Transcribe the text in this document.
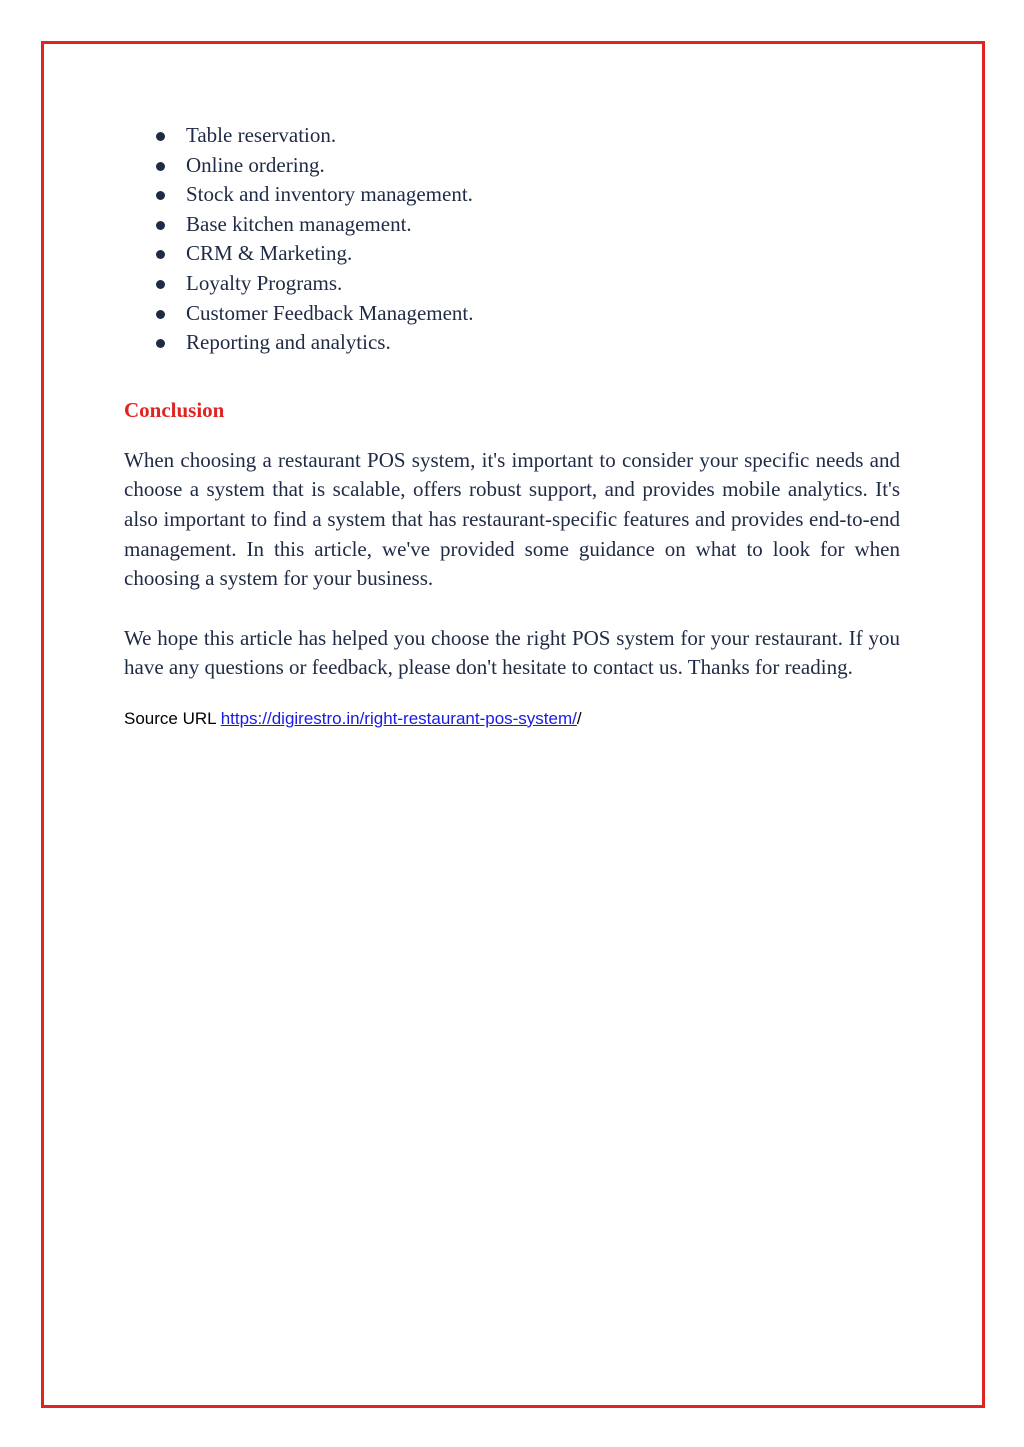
Table reservation.
Online ordering.
Stock and inventory management.
Base kitchen management.
CRM & Marketing.
Loyalty Programs.
Customer Feedback Management.
Reporting and analytics.
Conclusion

When choosing a restaurant POS system, it's important to consider your specific needs and choose a system that is scalable, offers robust support, and provides mobile analytics. It's also important to find a system that has restaurant-specific features and provides end-to-end management. In this article, we've provided some guidance on what to look for when choosing a system for your business.

We hope this article has helped you choose the right POS system for your restaurant. If you have any questions or feedback, please don't hesitate to contact us. Thanks for reading.

Source URL https://digirestro.in/right-restaurant-pos-system//
